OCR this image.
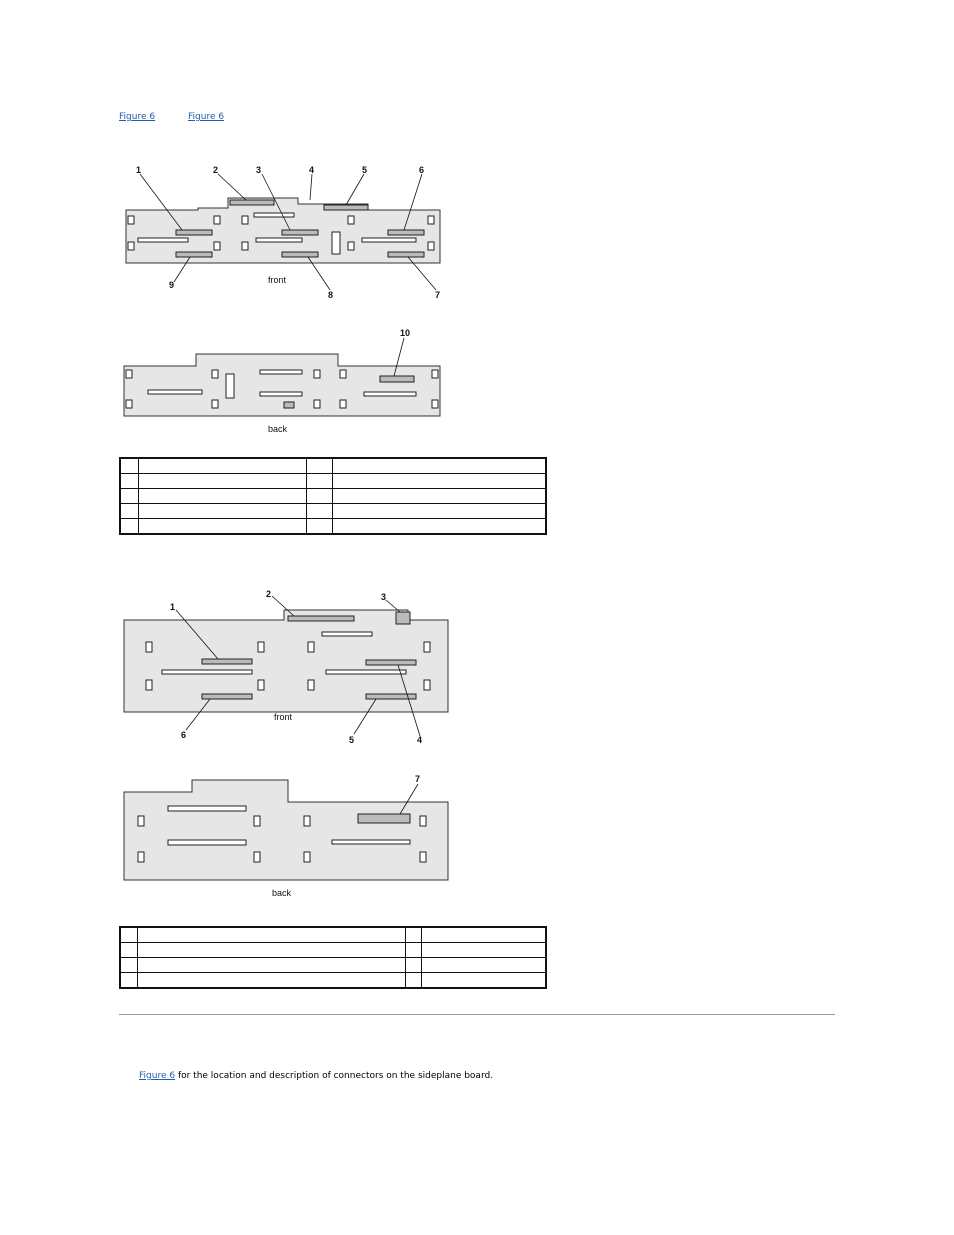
Figure 6	Figure 6
1	2	3	4	5	6
7
8
9	front
10
back

1
2	3
4
5
6
front
7
back

Figure 6 for the location and description of connectors on the sideplane board.
